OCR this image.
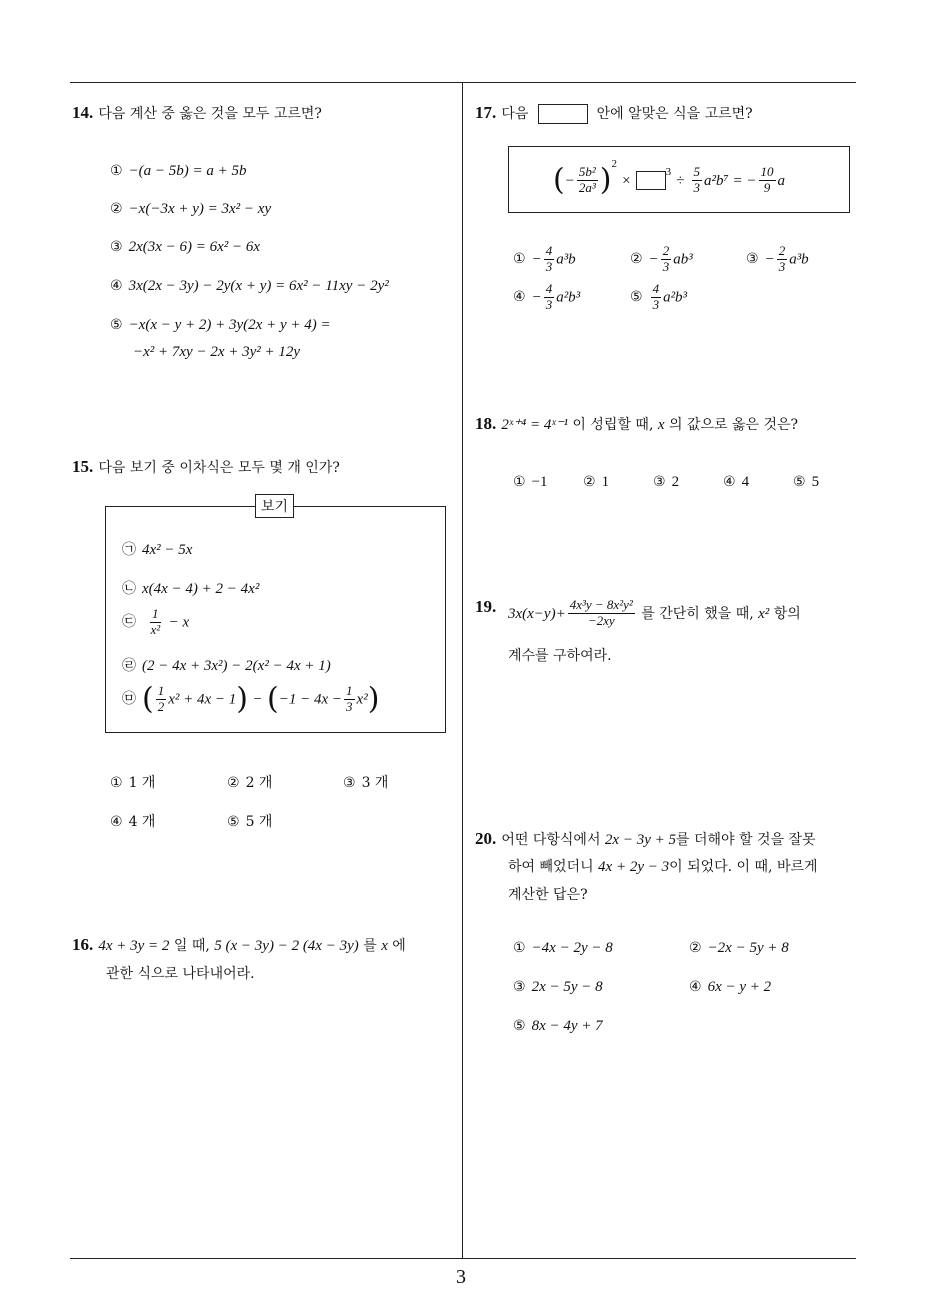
14. 다음 계산 중 옳은 것을 모두 고르면?
① −(a − 5b) = a + 5b
② −x(−3x + y) = 3x² − xy
③ 2x(3x − 6) = 6x² − 6x
④ 3x(2x − 3y) − 2y(x + y) = 6x² − 11xy − 2y²
⑤ −x(x − y + 2) + 3y(2x + y + 4) =
−x² + 7xy − 2x + 3y² + 12y
15. 다음 보기 중 이차식은 모두 몇 개 인가?
보기
㉠ 4x² − 5x
㉡ x(4x − 4) + 2 − 4x²
㉢ $\frac{1}{\text{x²}} - x$
㉣ (2 − 4x + 3x²) − 2(x² − 4x + 1)
㉤ ( $\frac{1}{2} x^2 + 4x - 1) - (-1 - 4x - \frac{1}{3} x^2)$
① 1 개	② 2 개	③ 3 개
④ 4 개	⑤ 5 개
16. 4x + 3y = 2 일 때, 5 (x − 3y) − 2 (4x − 3y) 를 x 에
관한 식으로 나타내어라.
17. 다음	안에 알맞은 식을 고르면?
(− $\frac{\text{5b²}}{\text{2a³}} )^2 \times ^3 \div \frac{5}{3} a^2b^7$ = − $\frac{10}{9}$ a
① − $\frac{4}{3} a^3b$	② − $\frac{2}{3} ab^3$	③ − $\frac{2}{3} a^3b$
④ − $\frac{4}{3} a^2b^3$	⑤ $\frac{4}{3} a^2b^3$
18. 2ˣ⁺⁴ = 4ˣ⁻¹ 이 성립할 때, x 의 값으로 옳은 것은?
① −1	② 1	③ 2	④ 4	⑤ 5
19. $3x(x-y)+ \frac{\text{4x³y − 8x²y²}}{-2xy}$ 를 간단히 했을 때, x² 항의
계수를 구하여라.
20. 어떤 다항식에서 2x − 3y + 5를 더해야 할 것을 잘못
하여 빼었더니 4x + 2y − 3이 되었다. 이 때, 바르게
계산한 답은?
① −4x − 2y − 8	② −2x − 5y + 8
③ 2x − 5y − 8	④ 6x − y + 2
⑤ 8x − 4y + 7
3
